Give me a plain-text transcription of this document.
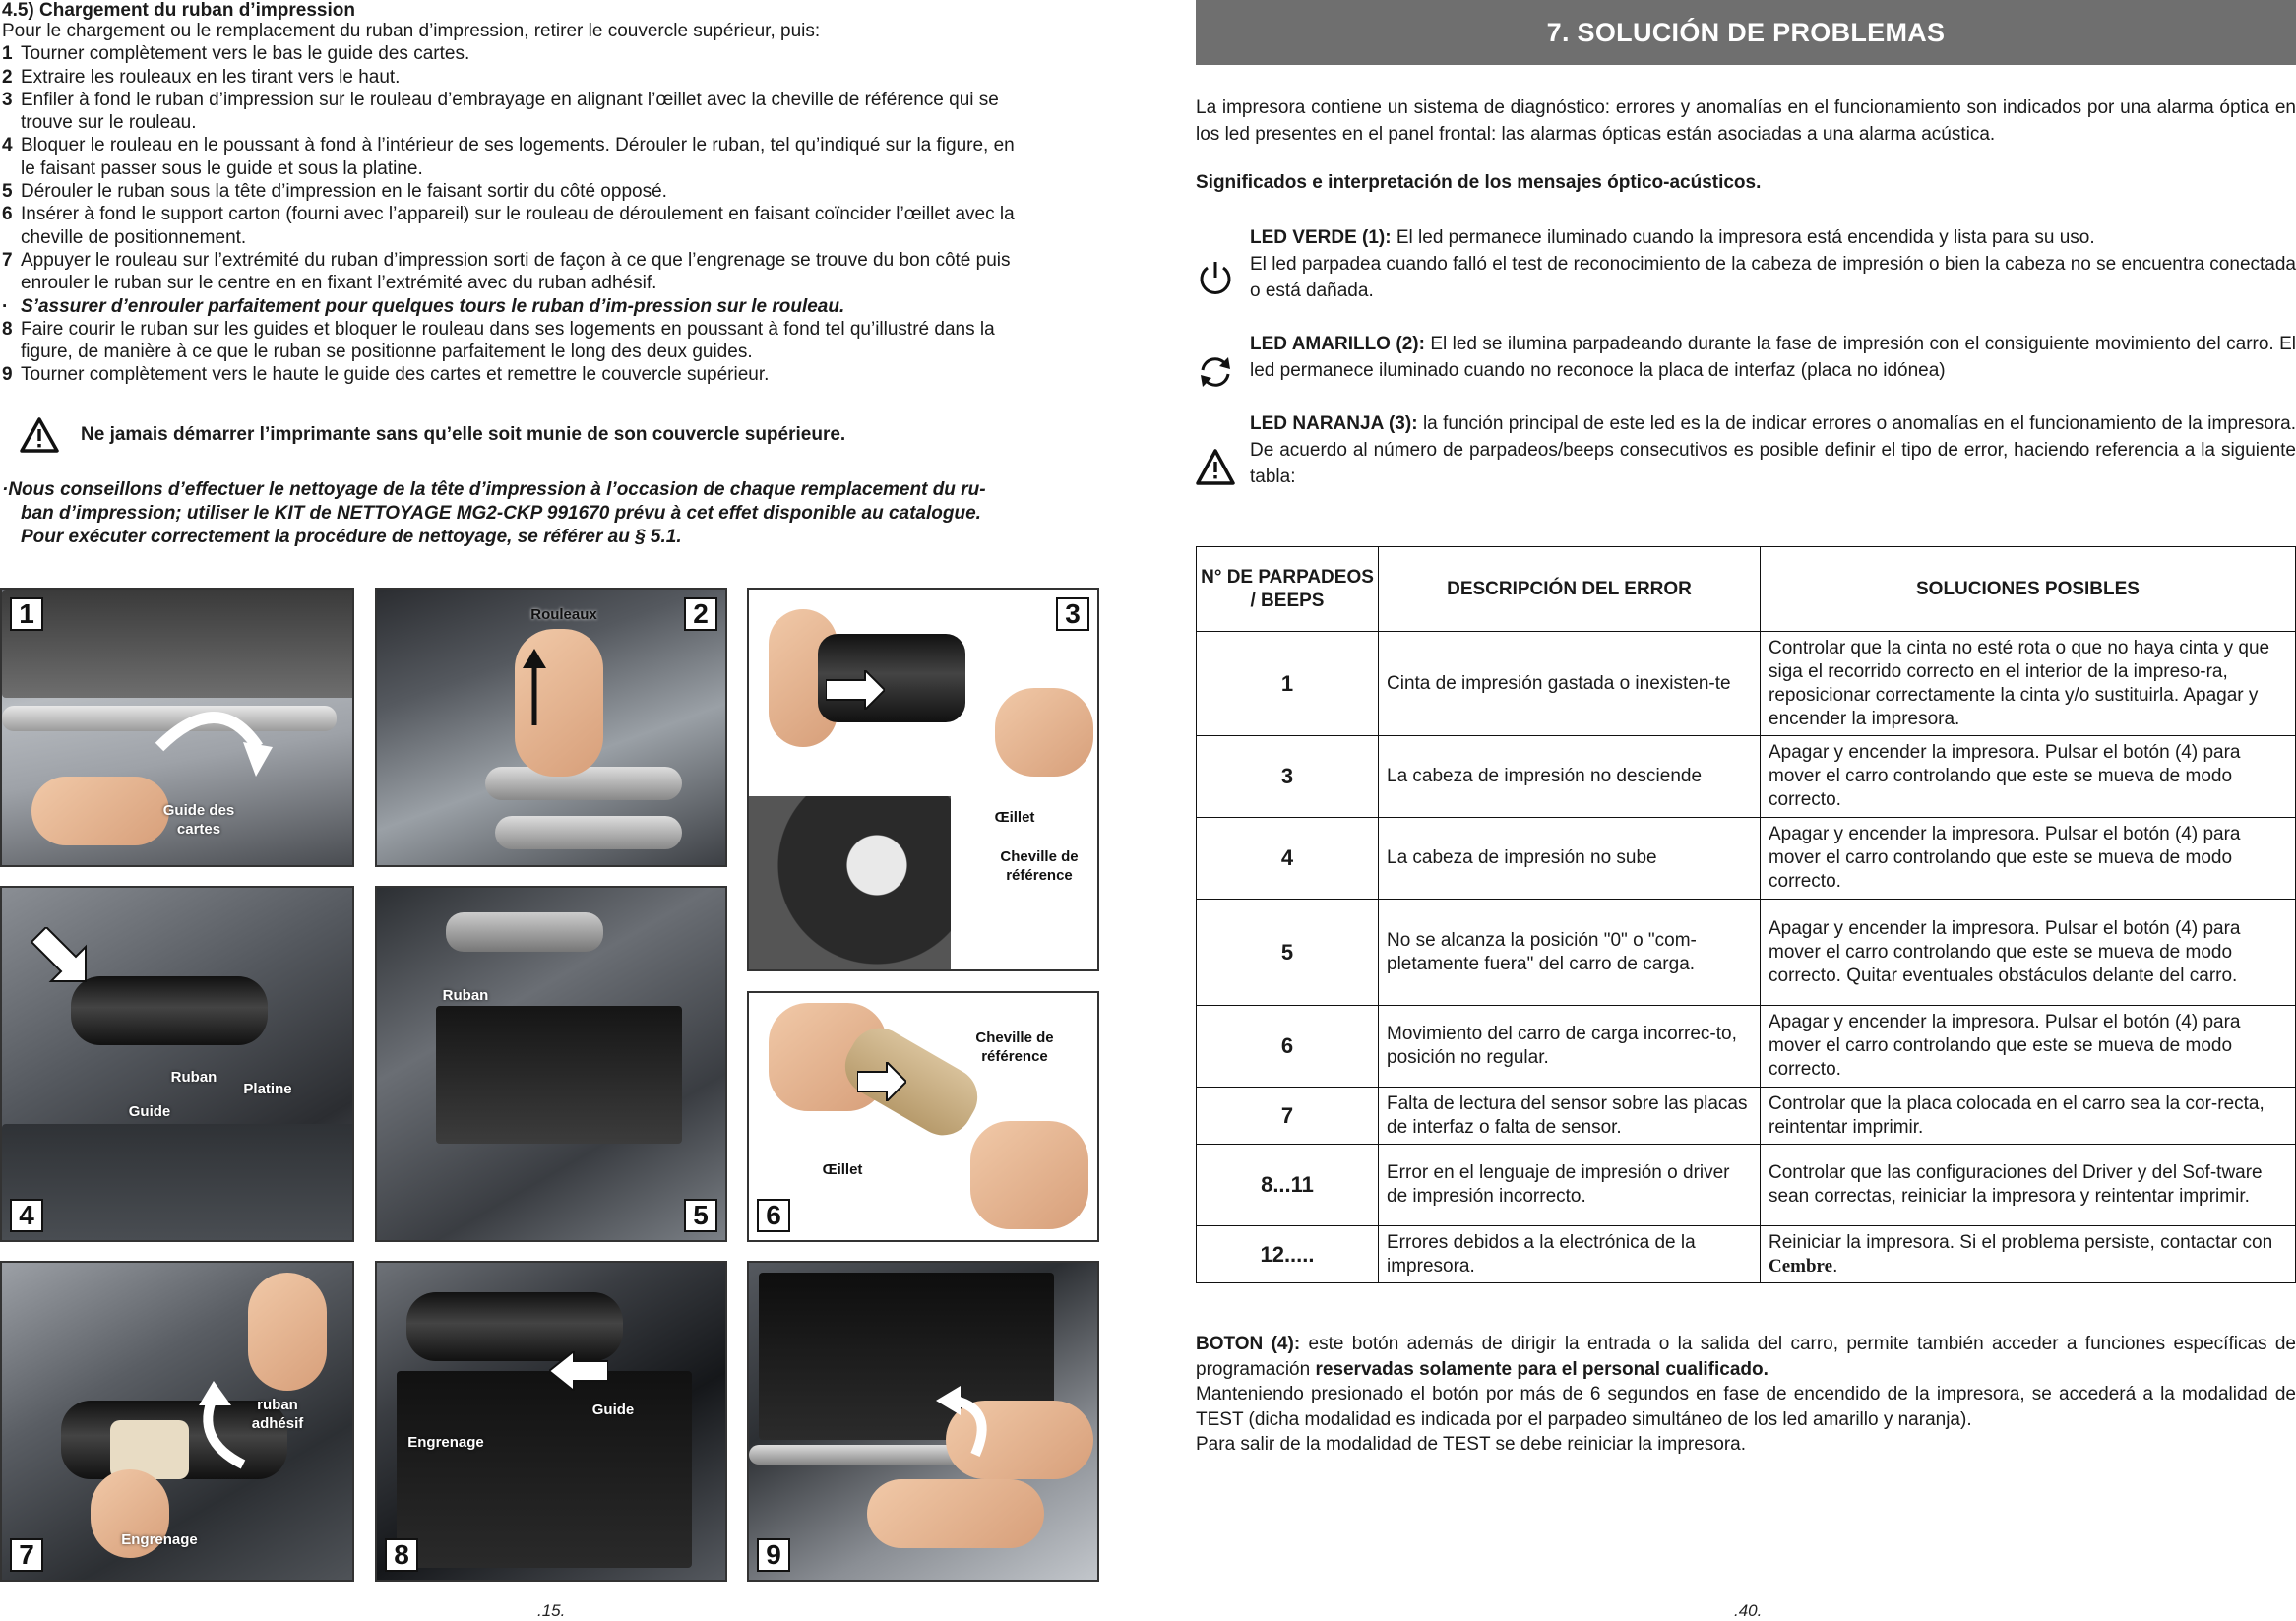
4.5) Chargement du ruban d’impression

Pour le chargement ou le remplacement du ruban d’impression, retirer le couvercle supérieur, puis:

1 Tourner complètement vers le bas le guide des cartes.

2 Extraire les rouleaux en les tirant vers le haut.

3 Enfiler à fond le ruban d’impression sur le rouleau d’embrayage en alignant l’œillet avec la cheville de référence qui se

trouve sur le rouleau.

4 Bloquer le rouleau en le poussant à fond à l’intérieur de ses logements. Dérouler le ruban, tel qu’indiqué sur la figure, en

le faisant passer sous le guide et sous la platine.

5 Dérouler le ruban sous la tête d’impression en le faisant sortir du côté opposé.

6 Insérer à fond le support carton (fourni avec l’appareil) sur le rouleau de déroulement en faisant coïncider l’œillet avec la

cheville de positionnement.

7 Appuyer le rouleau sur l’extrémité du ruban d’impression sorti de façon à ce que l’engrenage se trouve du bon côté puis

enrouler le ruban sur le centre en en fixant l’extrémité avec du ruban adhésif.

· S’assurer d’enrouler parfaitement pour quelques tours le ruban d’im-pression sur le rouleau.

8 Faire courir le ruban sur les guides et bloquer le rouleau dans ses logements en poussant à fond tel qu’illustré dans la

figure, de manière à ce que le ruban se positionne parfaitement le long des deux guides.

9 Tourner complètement vers le haute le guide des cartes et remettre le couvercle supérieur.

Ne jamais démarrer l’imprimante sans qu’elle soit munie de son couvercle supérieure.
·Nous conseillons d’effectuer le nettoyage de la tête d’impression à l’occasion de chaque remplacement du ru-
ban d’impression; utiliser le KIT de NETTOYAGE MG2-CKP 991670 prévu à cet effet disponible au catalogue.
Pour exécuter correctement la procédure de nettoyage, se référer au § 5.1.
Guide des cartes
1	Rouleaux	2
Œillet
Cheville de référence
3
Ruban
Platine
Guide
4
Ruban
5
Cheville de référence
Œillet
6
ruban adhésif
Engrenage
7
Guide
Engrenage
8	9
.15.
7. SOLUCIÓN DE PROBLEMAS
La impresora contiene un sistema de diagnóstico: errores y anomalías en el funcionamiento son indicados por una alarma óptica en los led presentes en el panel frontal: las alarmas ópticas están asociadas a una alarma acústica.
Significados e interpretación de los mensajes óptico-acústicos.
LED VERDE (1): El led permanece iluminado cuando la impresora está encendida y lista para su uso.
El led parpadea cuando falló el test de reconocimiento de la cabeza de impresión o bien la cabeza no se encuentra conectada o está dañada.
LED AMARILLO (2): El led se ilumina parpadeando durante la fase de impresión con el consiguiente movimiento del carro. El led permanece iluminado cuando no reconoce la placa de interfaz (placa no idónea)
LED NARANJA (3): la función principal de este led es la de indicar errores o anomalías en el funcionamiento de la impresora. De acuerdo al número de parpadeos/beeps consecutivos es posible definir el tipo de error, haciendo referencia a la siguiente tabla:
N° DE PARPADEOS / BEEPS	DESCRIPCIÓN DEL ERROR	SOLUCIONES POSIBLES
1	Cinta de impresión gastada o inexisten-te	Controlar que la cinta no esté rota o que no haya cinta y que siga el recorrido correcto en el interior de la impreso-ra, reposicionar correctamente la cinta y/o sustituirla. Apagar y encender la impresora.
3	La cabeza de impresión no desciende	Apagar y encender la impresora. Pulsar el botón (4) para mover el carro controlando que este se mueva de modo correcto.
4	La cabeza de impresión no sube	Apagar y encender la impresora. Pulsar el botón (4) para mover el carro controlando que este se mueva de modo correcto.
5	No se alcanza la posición "0" o "com-pletamente fuera" del carro de carga.	Apagar y encender la impresora. Pulsar el botón (4) para mover el carro controlando que este se mueva de modo correcto. Quitar eventuales obstáculos delante del carro.
6	Movimiento del carro de carga incorrec-to, posición no regular.	Apagar y encender la impresora. Pulsar el botón (4) para mover el carro controlando que este se mueva de modo correcto.
7	Falta de lectura del sensor sobre las placas de interfaz o falta de sensor.	Controlar que la placa colocada en el carro sea la cor-recta, reintentar imprimir.
8...11	Error en el lenguaje de impresión o driver de impresión incorrecto.	Controlar que las configuraciones del Driver y del Sof-tware sean correctas, reiniciar la impresora y reintentar imprimir.
12.....	Errores debidos a la electrónica de la impresora.	Reiniciar la impresora. Si el problema persiste, contactar con Cembre.
BOTON (4): este botón además de dirigir la entrada o la salida del carro, permite también acceder a funciones específicas de programación reservadas solamente para el personal cualificado.
Manteniendo presionado el botón por más de 6 segundos en fase de encendido de la impresora, se accederá a la modalidad de TEST (dicha modalidad es indicada por el parpadeo simultáneo de los led amarillo y naranja).
Para salir de la modalidad de TEST se debe reiniciar la impresora.
.40.
